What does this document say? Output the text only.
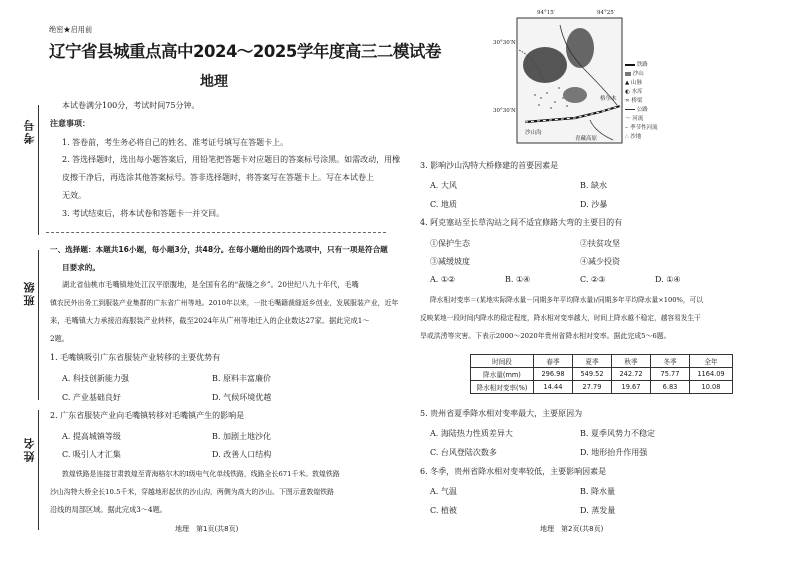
考号
班级
姓名
绝密★启用前
辽宁省县城重点高中2024～2025学年度高三二模试卷
地理
本试卷满分100分，考试时间75分钟。
注意事项：
1. 答卷前，考生务必将自己的姓名、准考证号填写在答题卡上。
2. 答选择题时，选出每小题答案后，用铅笔把答题卡对应题目的答案标号涂黑。如需改动，用橡
皮擦干净后，再选涂其他答案标号。答非选择题时，将答案写在答题卡上。写在本试卷上
无效。
3. 考试结束后，将本试卷和答题卡一并交回。
一、选择题：本题共16小题，每小题3分，共48分。在每小题给出的四个选项中，只有一项是符合题
目要求的。
湖北省仙桃市毛嘴镇地处江汉平原腹地，是全国有名的“裁缝之乡”。20世纪八九十年代，毛嘴
镇农民外出务工到服装产业集群的广东省广州等地。2010年以来，一批毛嘴籍裁缝返乡创业，发展服装产业，近年
来，毛嘴镇大力承接沿海服装产业转移，截至2024年从广州等地迁入的企业数达27家。据此完成1～
2题。
1. 毛嘴镇吸引广东省服装产业转移的主要优势有
A. 科技创新能力强	B. 原料丰富廉价
C. 产业基础良好	D. 气候环境优越
2. 广东省服装产业向毛嘴镇转移对毛嘴镇产生的影响是
A. 提高城镇等级	B. 加剧土地沙化
C. 吸引人才汇集	D. 改善人口结构
敦煌铁路是连接甘肃敦煌至青海格尔木的Ⅰ级电气化单线铁路，线路全长671千米。敦煌铁路
沙山沟特大桥全长10.5千米，穿越地形起伏的沙山沟，两侧为高大的沙山。下图示意敦煌铁路
沿线的局部区域。据此完成3～4题。
地理　第1页(共8页)
30°30′N
30°30′N
94°15′	94°25′
沙山沟
格尔木
青藏高原
铁路
沙山
▲ 山脉
◐ 水库
≍ 桥梁
公路
～ 河流
┈ 季节性河流
∴ 沙地
3. 影响沙山沟特大桥修建的首要因素是
A. 大风	B. 缺水
C. 地质	D. 沙暴
4. 阿克塞站至长草沟站之间不适宜修路大弯的主要目的有
①保护生态	②扶贫攻坚
③减缓坡度	④减少投资
A. ①②	B. ①④	C. ②③	D. ①④
降水相对变率＝(某地实际降水量－同期多年平均降水量)/同期多年平均降水量×100%，可以
反映某地一段时间内降水的稳定程度，降水相对变率越大，时间上降水越不稳定，越容易发生干
旱或洪涝等灾害。下表示2000～2020年贵州省降水相对变率。据此完成5～6题。
时间段	春季	夏季	秋季	冬季	全年
降水量(mm)	296.98	549.52	242.72	75.77	1164.09
降水相对变率(%)	14.44	27.79	19.67	6.83	10.08
5. 贵州省夏季降水相对变率最大，主要原因为
A. 海陆热力性质差异大	B. 夏季风势力不稳定
C. 台风登陆次数多	D. 地形抬升作用强
6. 冬季，贵州省降水相对变率较低，主要影响因素是
A. 气温	B. 降水量
C. 植被	D. 蒸发量
地理　第2页(共8页)
